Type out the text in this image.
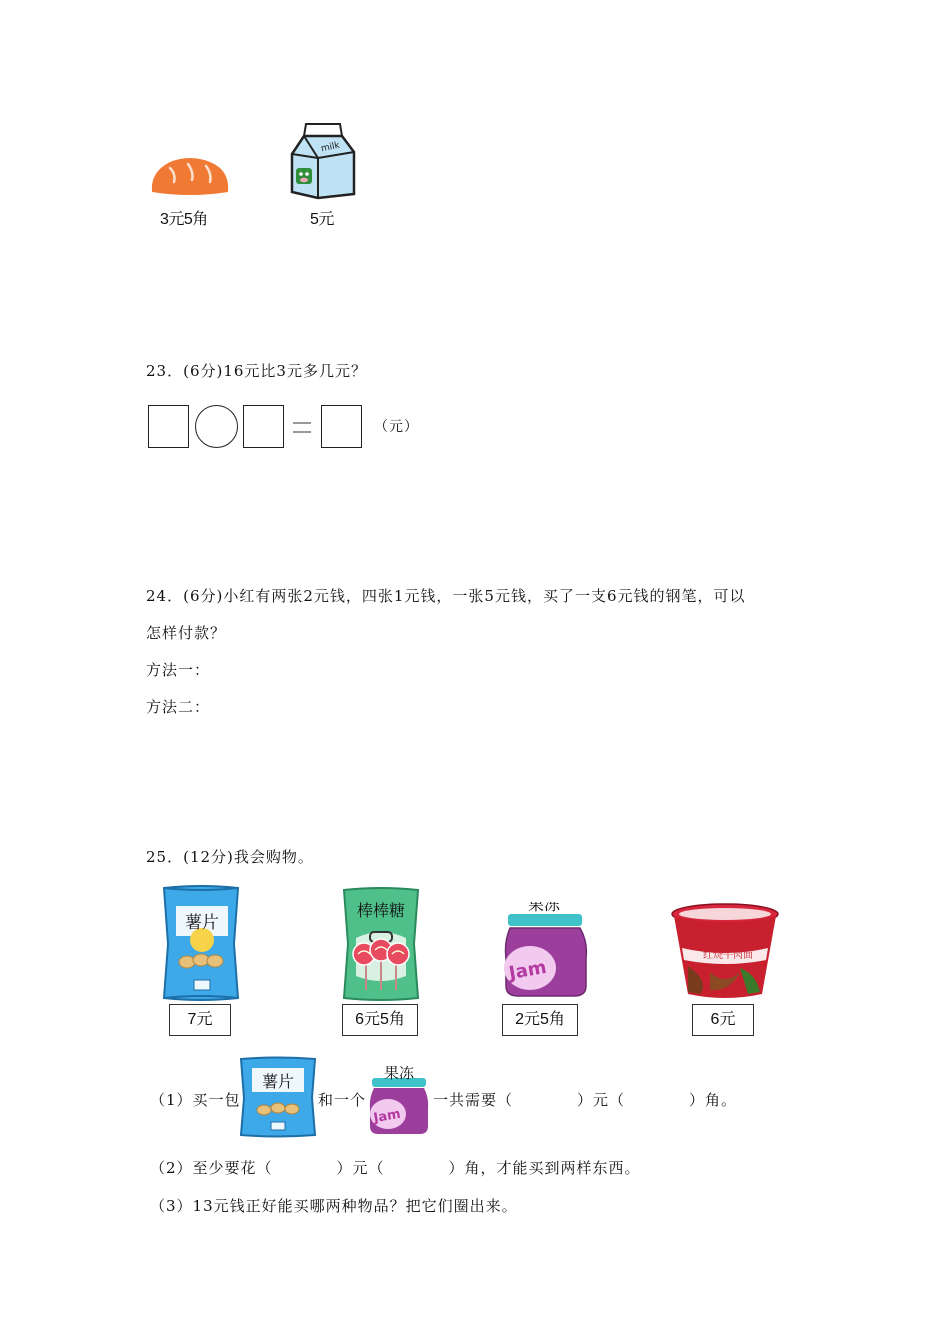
3元5角
milk
5元
23．(6分)16元比3元多几元？
（元）
24．(6分)小红有两张2元钱，四张1元钱，一张5元钱，买了一支6元钱的钢笔，可以
怎样付款？
方法一：
方法二：
25．(12分)我会购物。
薯片
7元
棒棒糖
6元5角
果冻
Jam
2元5角
红烧牛肉面
6元
（1）买一包
薯片
和一个
果冻
Jam
一共需要（　　　　）元（　　　　）角。
（2）至少要花（　　　　）元（　　　　）角，才能买到两样东西。
（3）13元钱正好能买哪两种物品？把它们圈出来。
